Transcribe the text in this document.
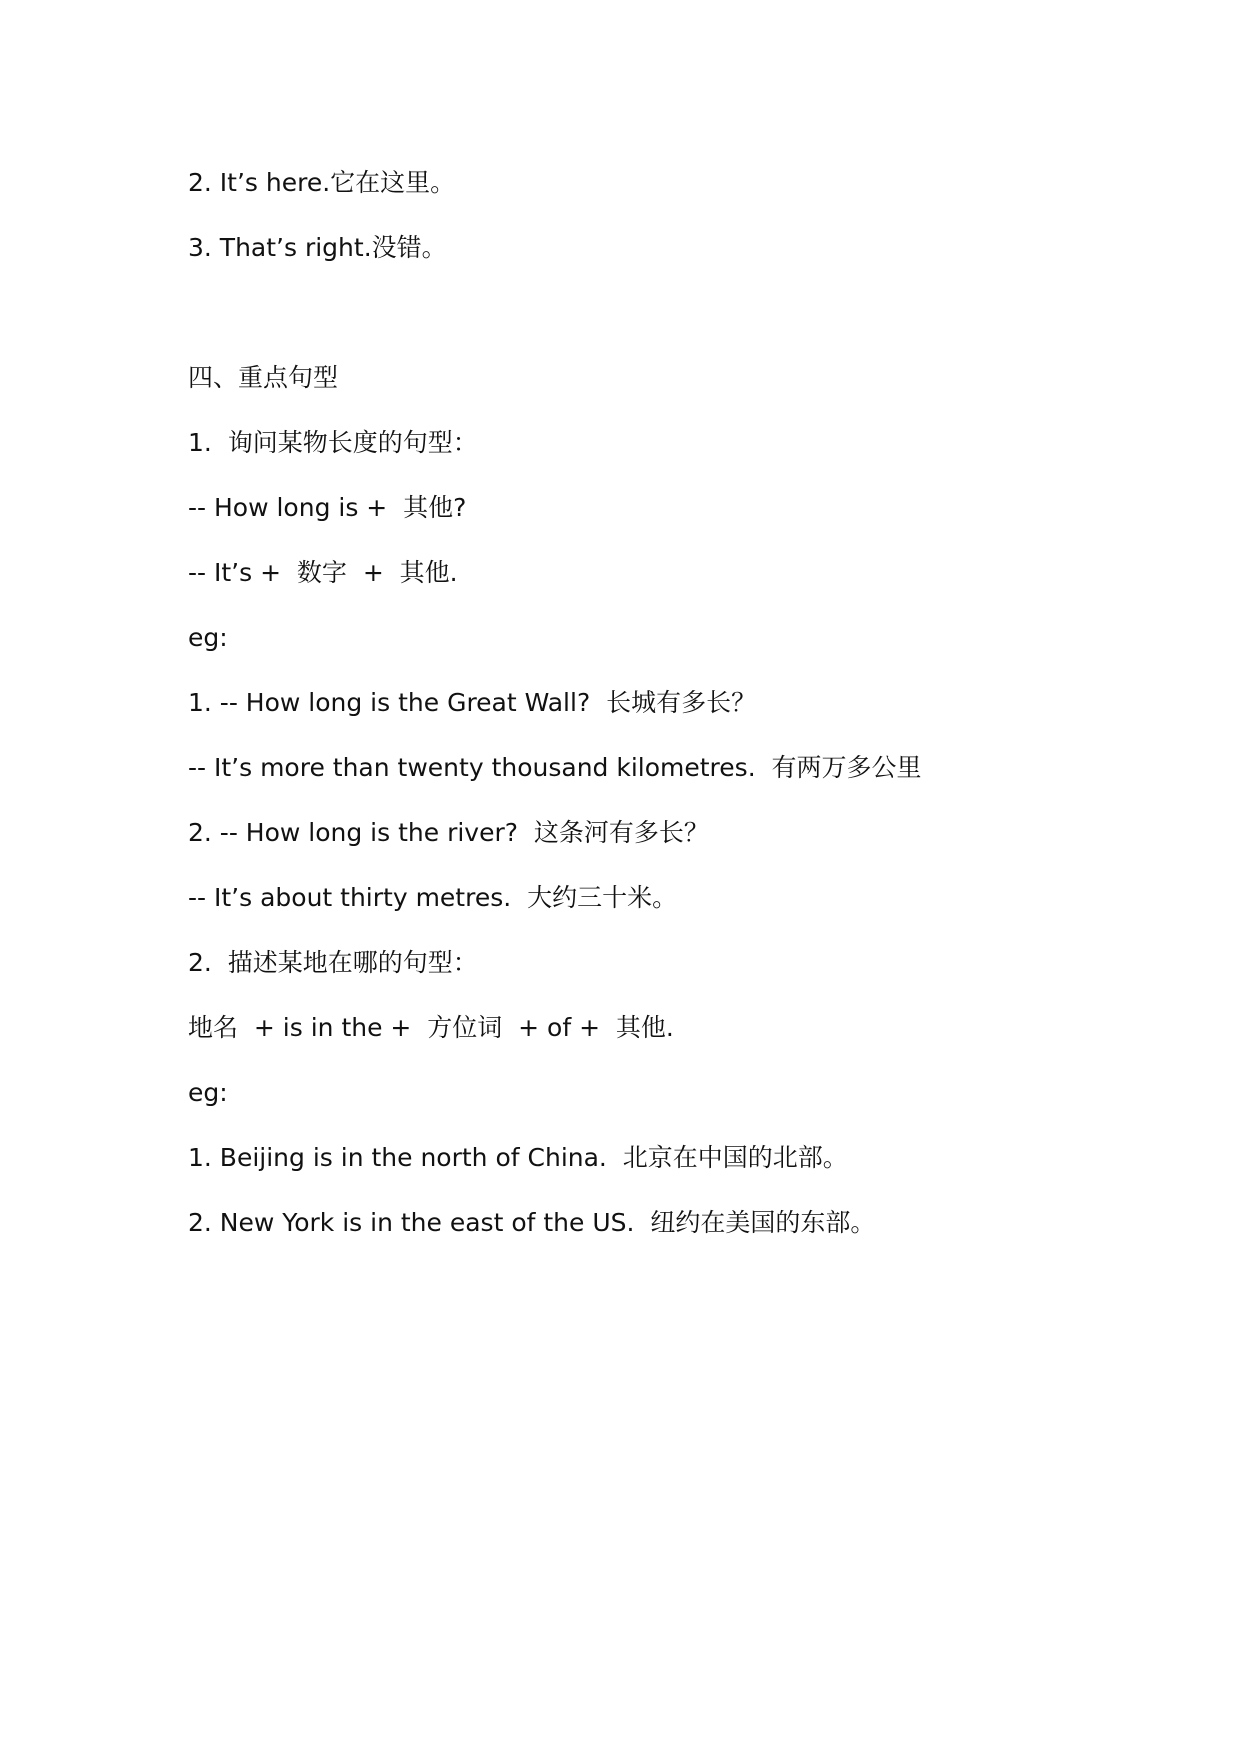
2. It’s here.它在这里。
3. That’s right.没错。
四、重点句型
1.  询问某物长度的句型：
-- How long is +  其他?
-- It’s +  数字  +  其他.
eg:
1. -- How long is the Great Wall?  长城有多长？
-- It’s more than twenty thousand kilometres.  有两万多公里
2. -- How long is the river?  这条河有多长？
-- It’s about thirty metres.  大约三十米。
2.  描述某地在哪的句型：
地名  + is in the +  方位词  + of +  其他.
eg:
1. Beijing is in the north of China.  北京在中国的北部。
2. New York is in the east of the US.  纽约在美国的东部。
